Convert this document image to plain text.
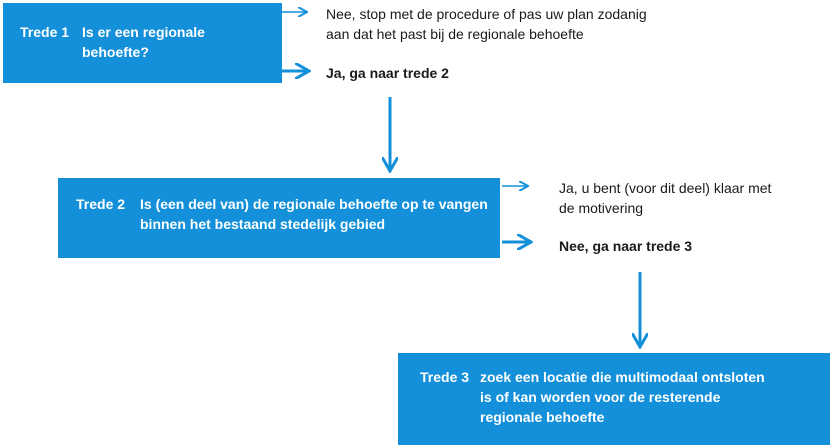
Trede 1 Is er een regionale behoefte?
Nee, stop met de procedure of pas uw plan zodanig aan dat het past bij de regionale behoefte
Ja, ga naar trede 2
Trede 2 Is (een deel van) de regionale behoefte op te vangen binnen het bestaand stedelijk gebied
Ja, u bent (voor dit deel) klaar met de motivering
Nee, ga naar trede 3
Trede 3 zoek een locatie die multimodaal ontsloten is of kan worden voor de resterende regionale behoefte
